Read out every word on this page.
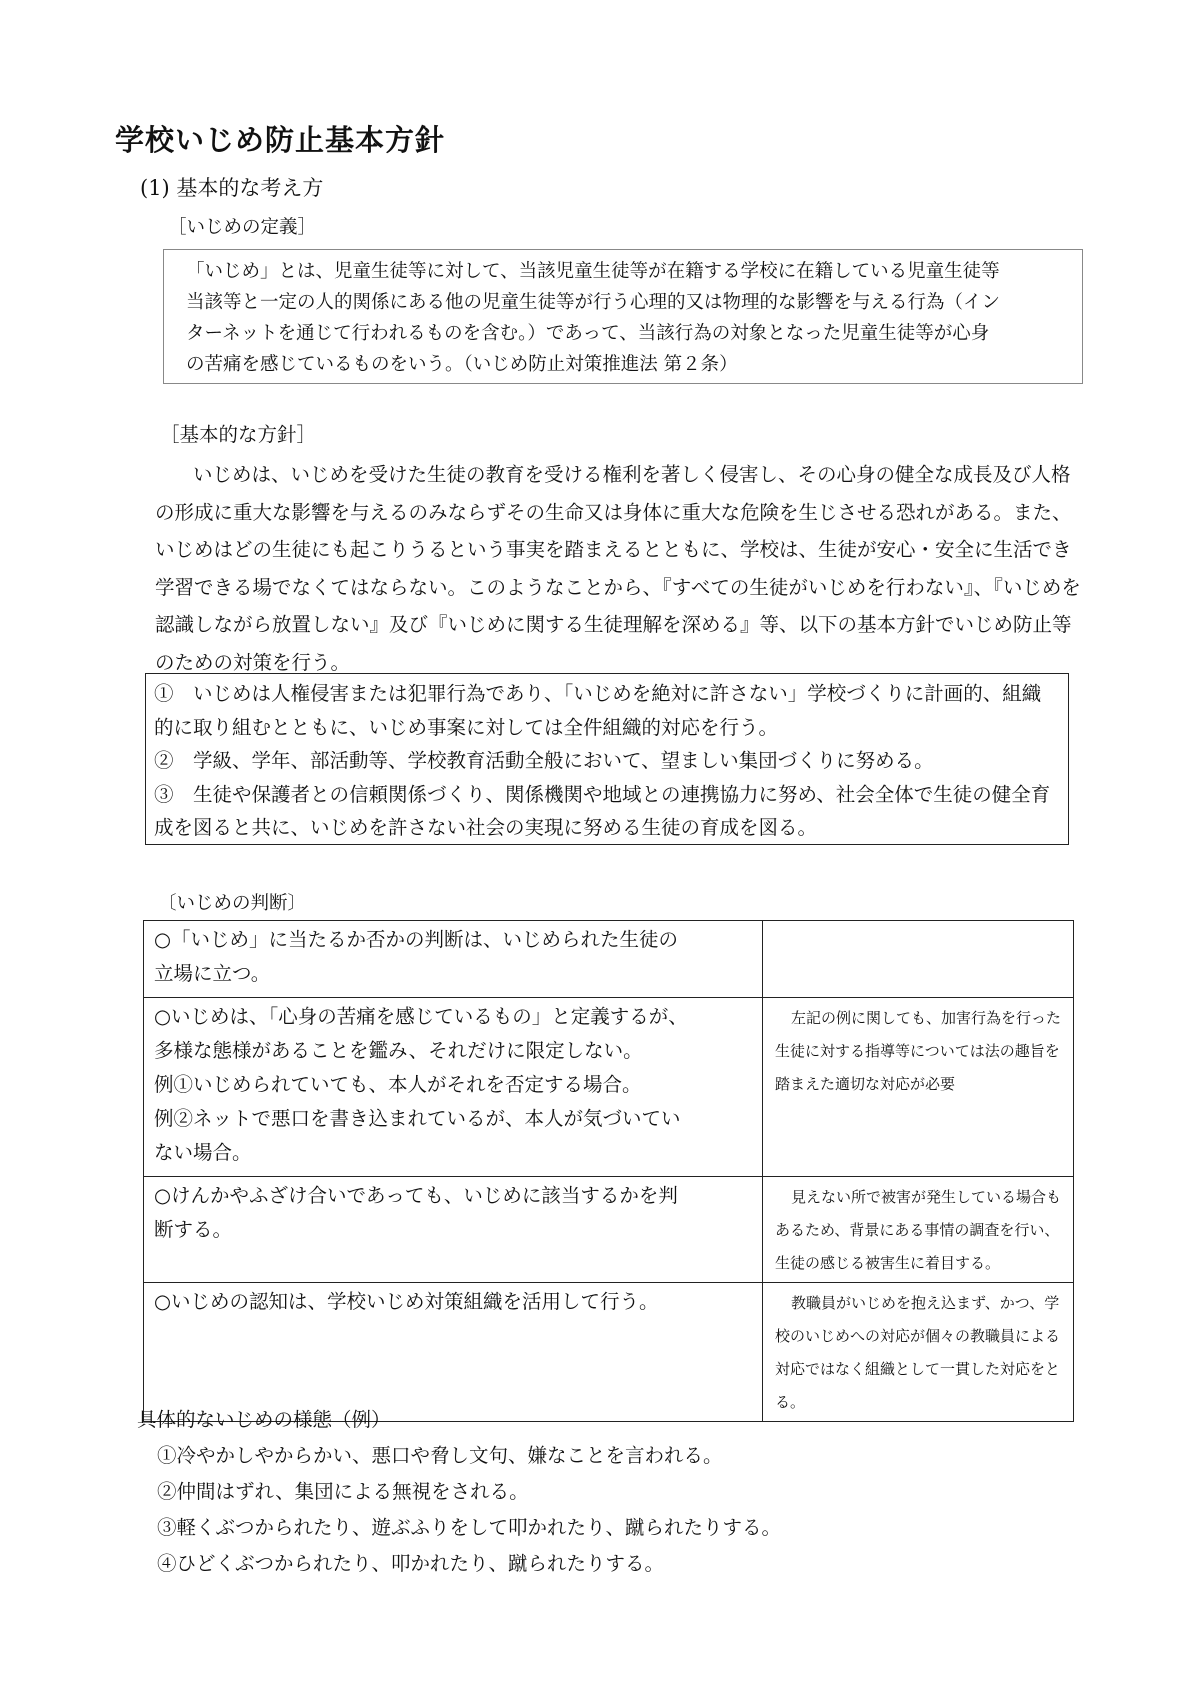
学校いじめ防止基本方針
(1) 基本的な考え方
［いじめの定義］

「いじめ」とは、児童生徒等に対して、当該児童生徒等が在籍する学校に在籍している児童生徒等

当該等と一定の人的関係にある他の児童生徒等が行う心理的又は物理的な影響を与える行為（イン

ターネットを通じて行われるものを含む。）であって、当該行為の対象となった児童生徒等が心身

の苦痛を感じているものをいう。（いじめ防止対策推進法 第２条）

［基本的な方針］
いじめは、いじめを受けた生徒の教育を受ける権利を著しく侵害し、その心身の健全な成長及び人格の形成に重大な影響を与えるのみならずその生命又は身体に重大な危険を生じさせる恐れがある。また、いじめはどの生徒にも起こりうるという事実を踏まえるとともに、学校は、生徒が安心・安全に生活でき学習できる場でなくてはならない。このようなことから、『すべての生徒がいじめを行わない』、『いじめを認識しながら放置しない』及び『いじめに関する生徒理解を深める』等、以下の基本方針でいじめ防止等のための対策を行う。
①　いじめは人権侵害または犯罪行為であり、「いじめを絶対に許さない」学校づくりに計画的、組織的に取り組むとともに、いじめ事案に対しては全件組織的対応を行う。
②　学級、学年、部活動等、学校教育活動全般において、望ましい集団づくりに努める。
③　生徒や保護者との信頼関係づくり、関係機関や地域との連携協力に努め、社会全体で生徒の健全育成を図ると共に、いじめを許さない社会の実現に努める生徒の育成を図る。
〔いじめの判断〕
○「いじめ」に当たるか否かの判断は、いじめられた生徒の
立場に立つ。	

○いじめは、「心身の苦痛を感じているもの」と定義するが、
多様な態様があることを鑑み、それだけに限定しない。
例①いじめられていても、本人がそれを否定する場合。
例②ネットで悪口を書き込まれているが、本人が気づいてい
ない場合。	左記の例に関しても、加害行為を行った生徒に対する指導等については法の趣旨を踏まえた適切な対応が必要

○けんかやふざけ合いであっても、いじめに該当するかを判
断する。	見えない所で被害が発生している場合もあるため、背景にある事情の調査を行い、生徒の感じる被害生に着目する。

○いじめの認知は、学校いじめ対策組織を活用して行う。	教職員がいじめを抱え込まず、かつ、学校のいじめへの対応が個々の教職員による対応ではなく組織として一貫した対応をとる。
具体的ないじめの様態（例）
①冷やかしやからかい、悪口や脅し文句、嫌なことを言われる。
②仲間はずれ、集団による無視をされる。
③軽くぶつかられたり、遊ぶふりをして叩かれたり、蹴られたりする。
④ひどくぶつかられたり、叩かれたり、蹴られたりする。
